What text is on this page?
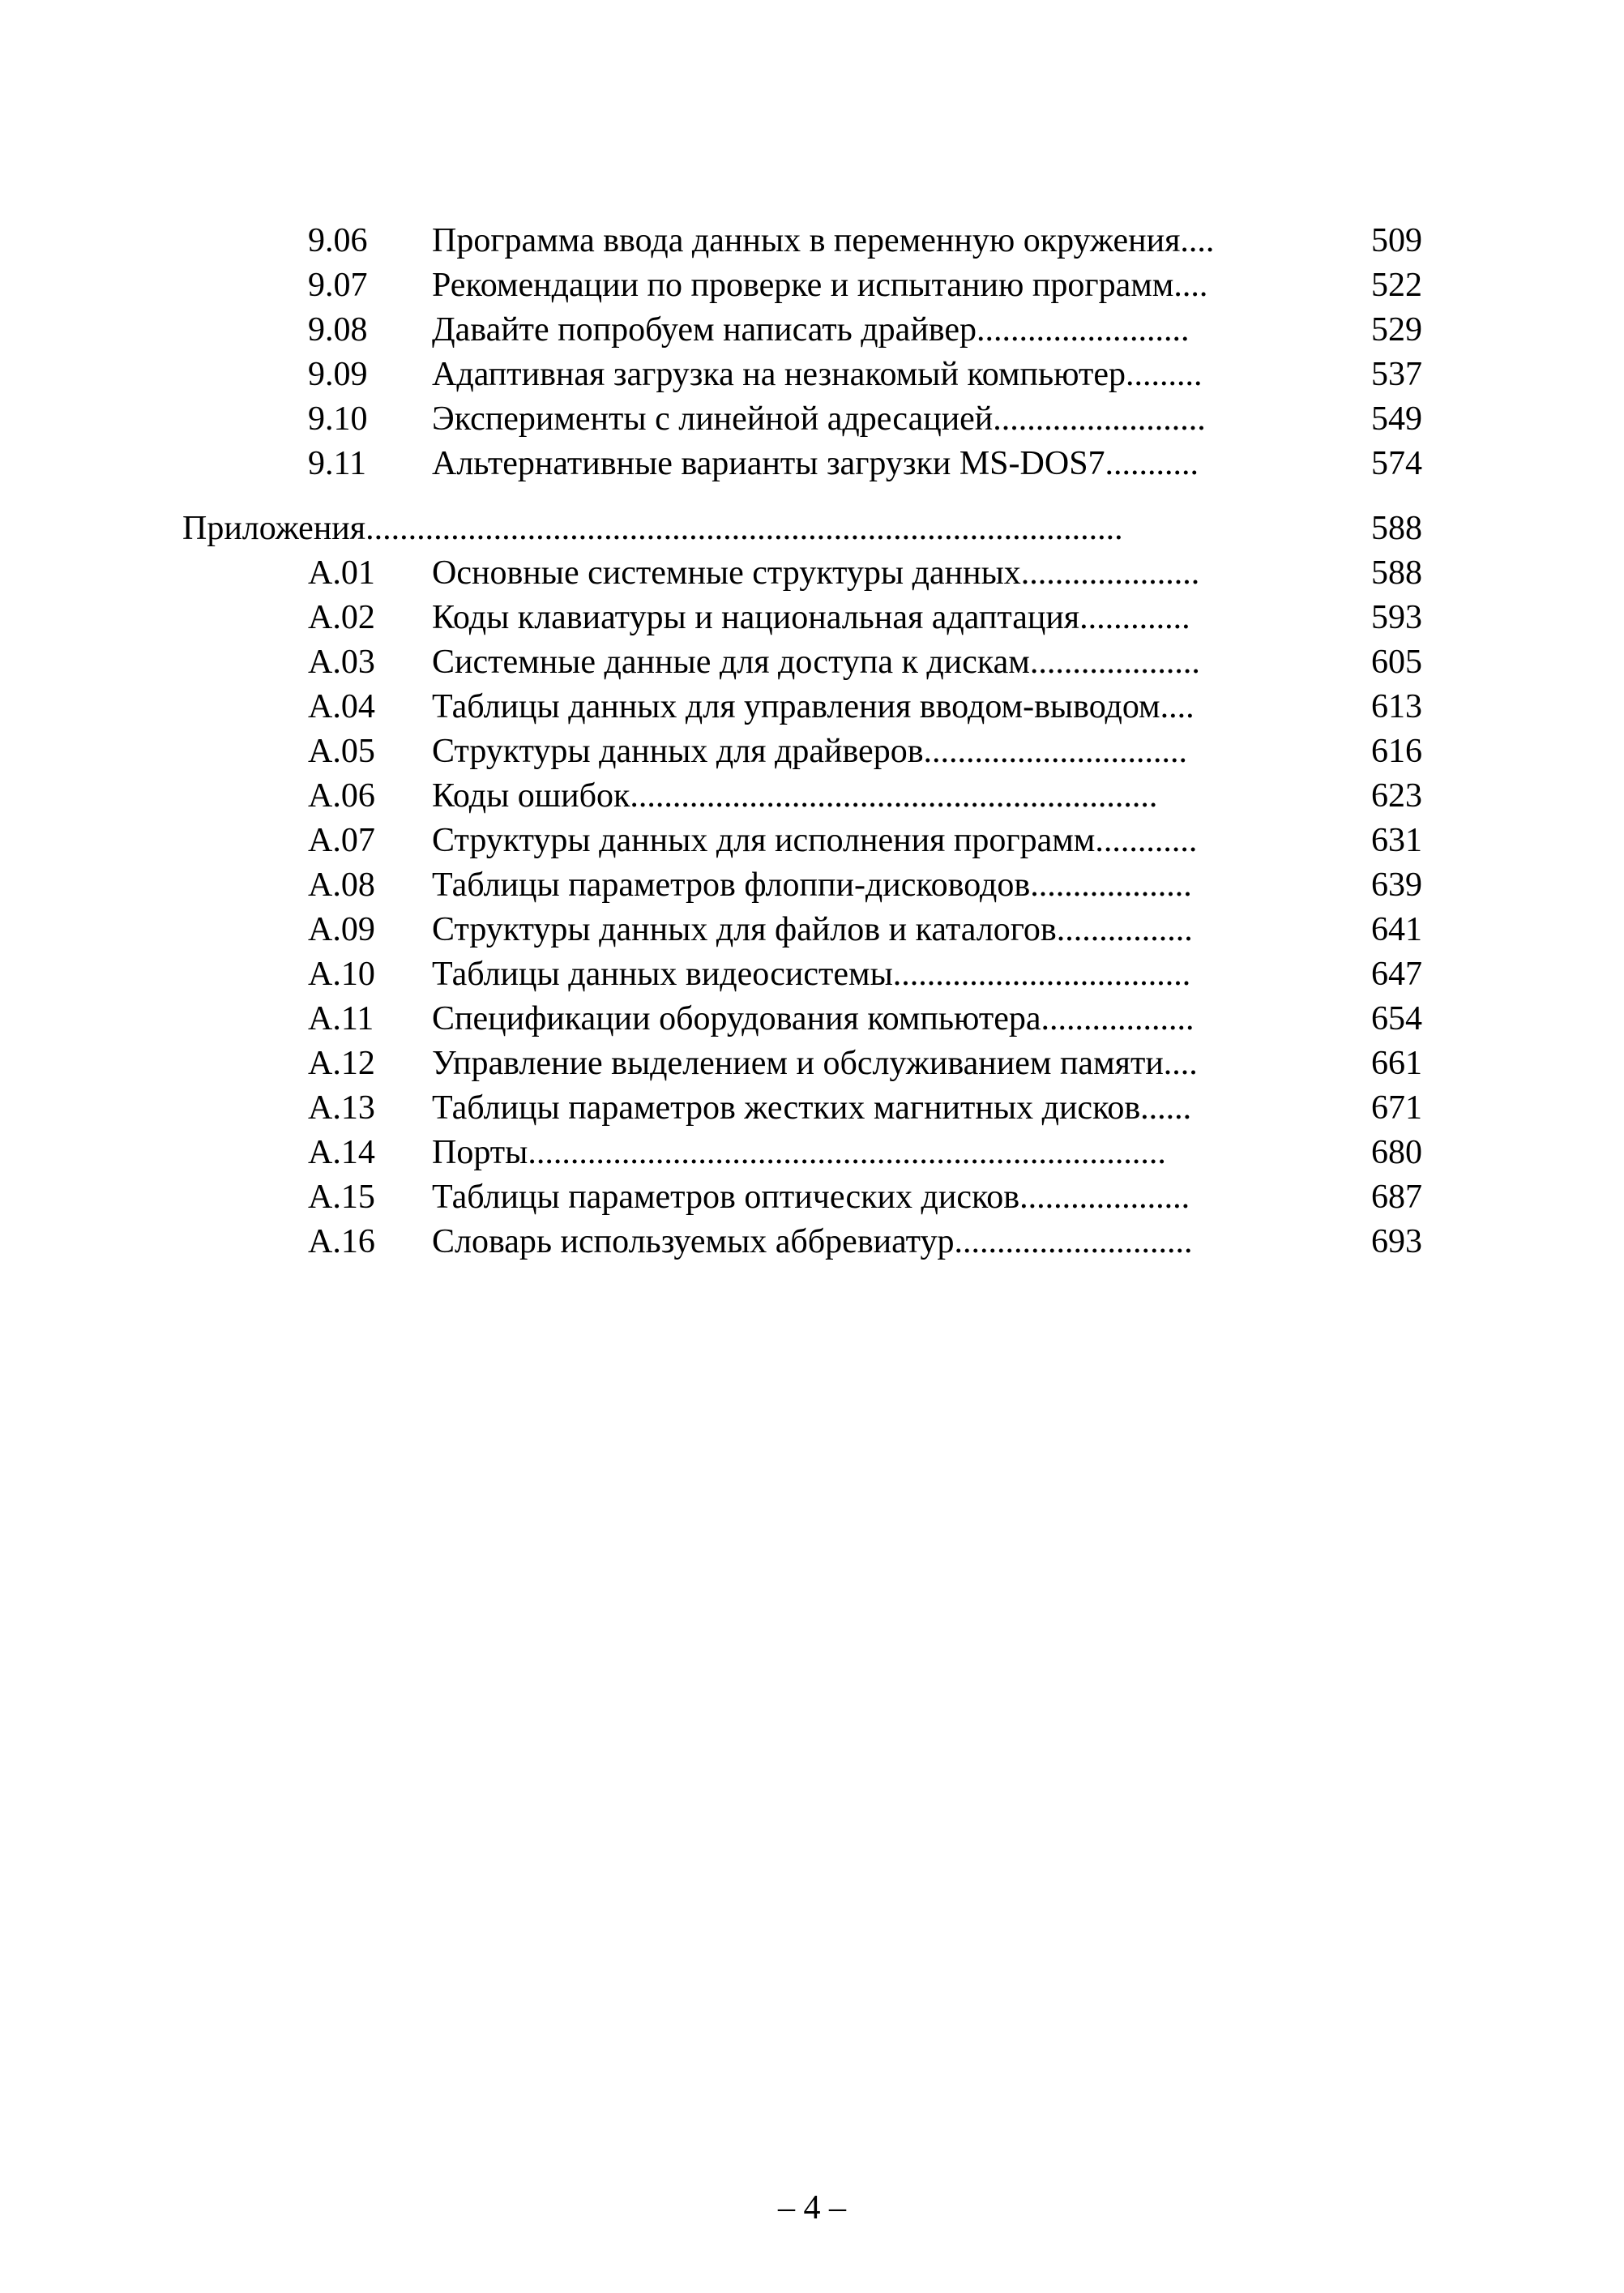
9.06 Программа ввода данных в переменную окружения....	509
9.07 Рекомендации по проверке и испытанию программ....	522
9.08 Давайте попробуем написать драйвер.........................	529
9.09 Адаптивная загрузка на незнакомый компьютер.........	537
9.10 Эксперименты с линейной адресацией.........................	549
9.11 Альтернативные варианты загрузки MS-DOS7...........	574
Приложения.........................................................................................	588
A.01 Основные системные структуры данных.....................	588
A.02 Коды клавиатуры и национальная адаптация.............	593
A.03 Системные данные для доступа к дискам....................	605
A.04 Таблицы данных для управления вводом-выводом....	613
A.05 Структуры данных для драйверов...............................	616
A.06 Коды ошибок..............................................................	623
A.07 Структуры данных для исполнения программ............	631
A.08 Таблицы параметров флоппи-дисководов...................	639
A.09 Структуры данных для файлов и каталогов................	641
A.10 Таблицы данных видеосистемы...................................	647
A.11 Спецификации оборудования компьютера..................	654
A.12 Управление выделением и обслуживанием памяти....	661
A.13 Таблицы параметров жестких магнитных дисков......	671
A.14 Порты...........................................................................	680
A.15 Таблицы параметров оптических дисков....................	687
A.16 Словарь используемых аббревиатур............................	693
– 4 –
